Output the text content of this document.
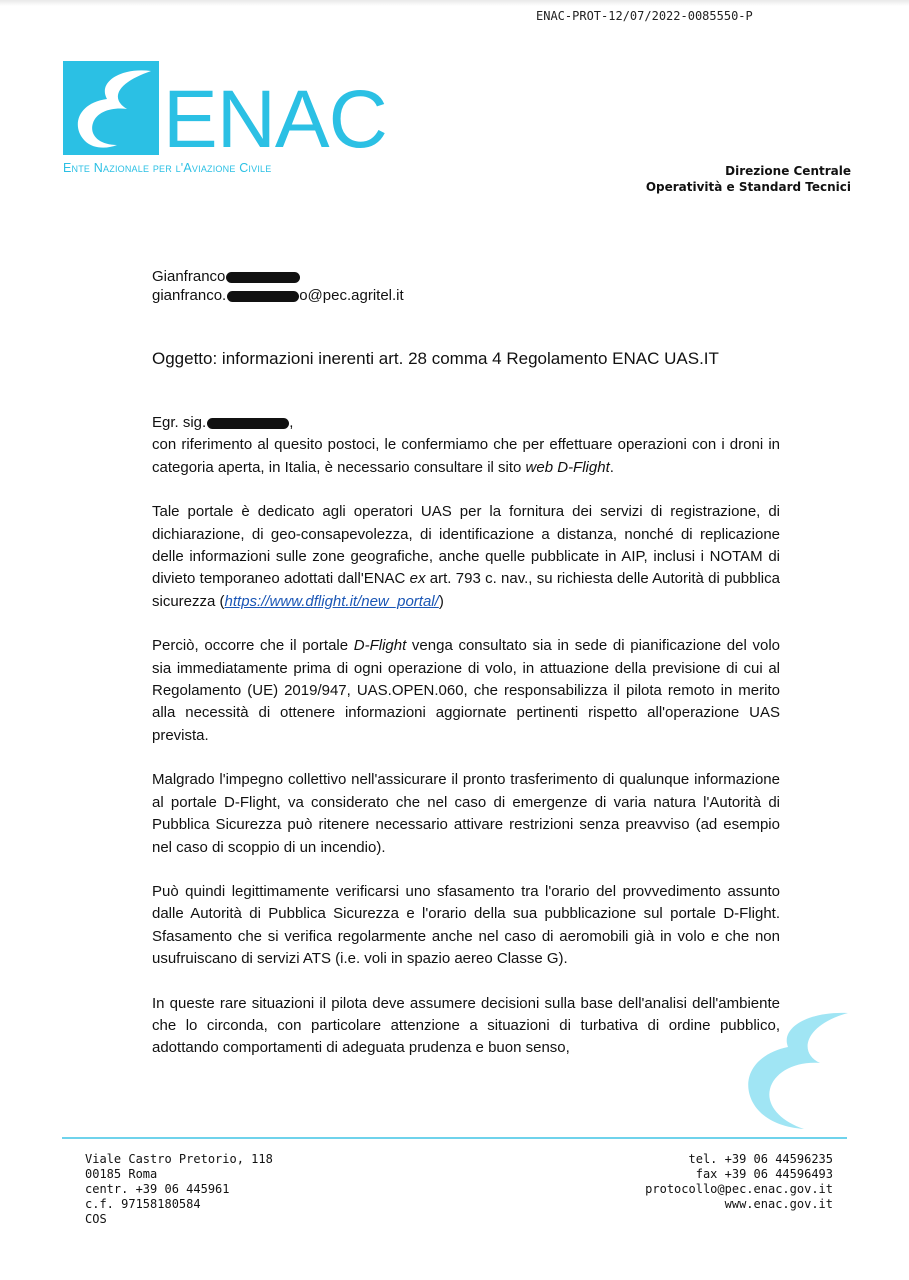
ENAC-PROT-12/07/2022-0085550-P
ENAC
Ente Nazionale per l'Aviazione Civile	Direzione Centrale
Operatività e Standard Tecnici
Gianfranco
gianfranco.	o@pec.agritel.it
Oggetto: informazioni inerenti art. 28 comma 4 Regolamento ENAC UAS.IT

Egr. sig.	,

con riferimento al quesito postoci, le confermiamo che per effettuare operazioni con i droni in categoria aperta, in Italia, è necessario consultare il sito web D-Flight.

Tale portale è dedicato agli operatori UAS per la fornitura dei servizi di registrazione, di dichiarazione, di geo-consapevolezza, di identificazione a distanza, nonché di replicazione delle informazioni sulle zone geografiche, anche quelle pubblicate in AIP, inclusi i NOTAM di divieto temporaneo adottati dall'ENAC ex art. 793 c. nav., su richiesta delle Autorità di pubblica sicurezza (https://www.dflight.it/new_portal/)

Perciò, occorre che il portale D-Flight venga consultato sia in sede di pianificazione del volo sia immediatamente prima di ogni operazione di volo, in attuazione della previsione di cui al Regolamento (UE) 2019/947, UAS.OPEN.060, che responsabilizza il pilota remoto in merito alla necessità di ottenere informazioni aggiornate pertinenti rispetto all'operazione UAS prevista.

Malgrado l'impegno collettivo nell'assicurare il pronto trasferimento di qualunque informazione al portale D-Flight, va considerato che nel caso di emergenze di varia natura l'Autorità di Pubblica Sicurezza può ritenere necessario attivare restrizioni senza preavviso (ad esempio nel caso di scoppio di un incendio).

Può quindi legittimamente verificarsi uno sfasamento tra l'orario del provvedimento assunto dalle Autorità di Pubblica Sicurezza e l'orario della sua pubblicazione sul portale D-Flight. Sfasamento che si verifica regolarmente anche nel caso di aeromobili già in volo e che non usufruiscano di servizi ATS (i.e. voli in spazio aereo Classe G).

In queste rare situazioni il pilota deve assumere decisioni sulla base dell'analisi dell'ambiente che lo circonda, con particolare attenzione a situazioni di turbativa di ordine pubblico, adottando comportamenti di adeguata prudenza e buon senso,

Viale Castro Pretorio, 118
00185 Roma
centr. +39 06 445961
c.f. 97158180584
COS
tel. +39 06 44596235
fax +39 06 44596493
protocollo@pec.enac.gov.it
www.enac.gov.it
